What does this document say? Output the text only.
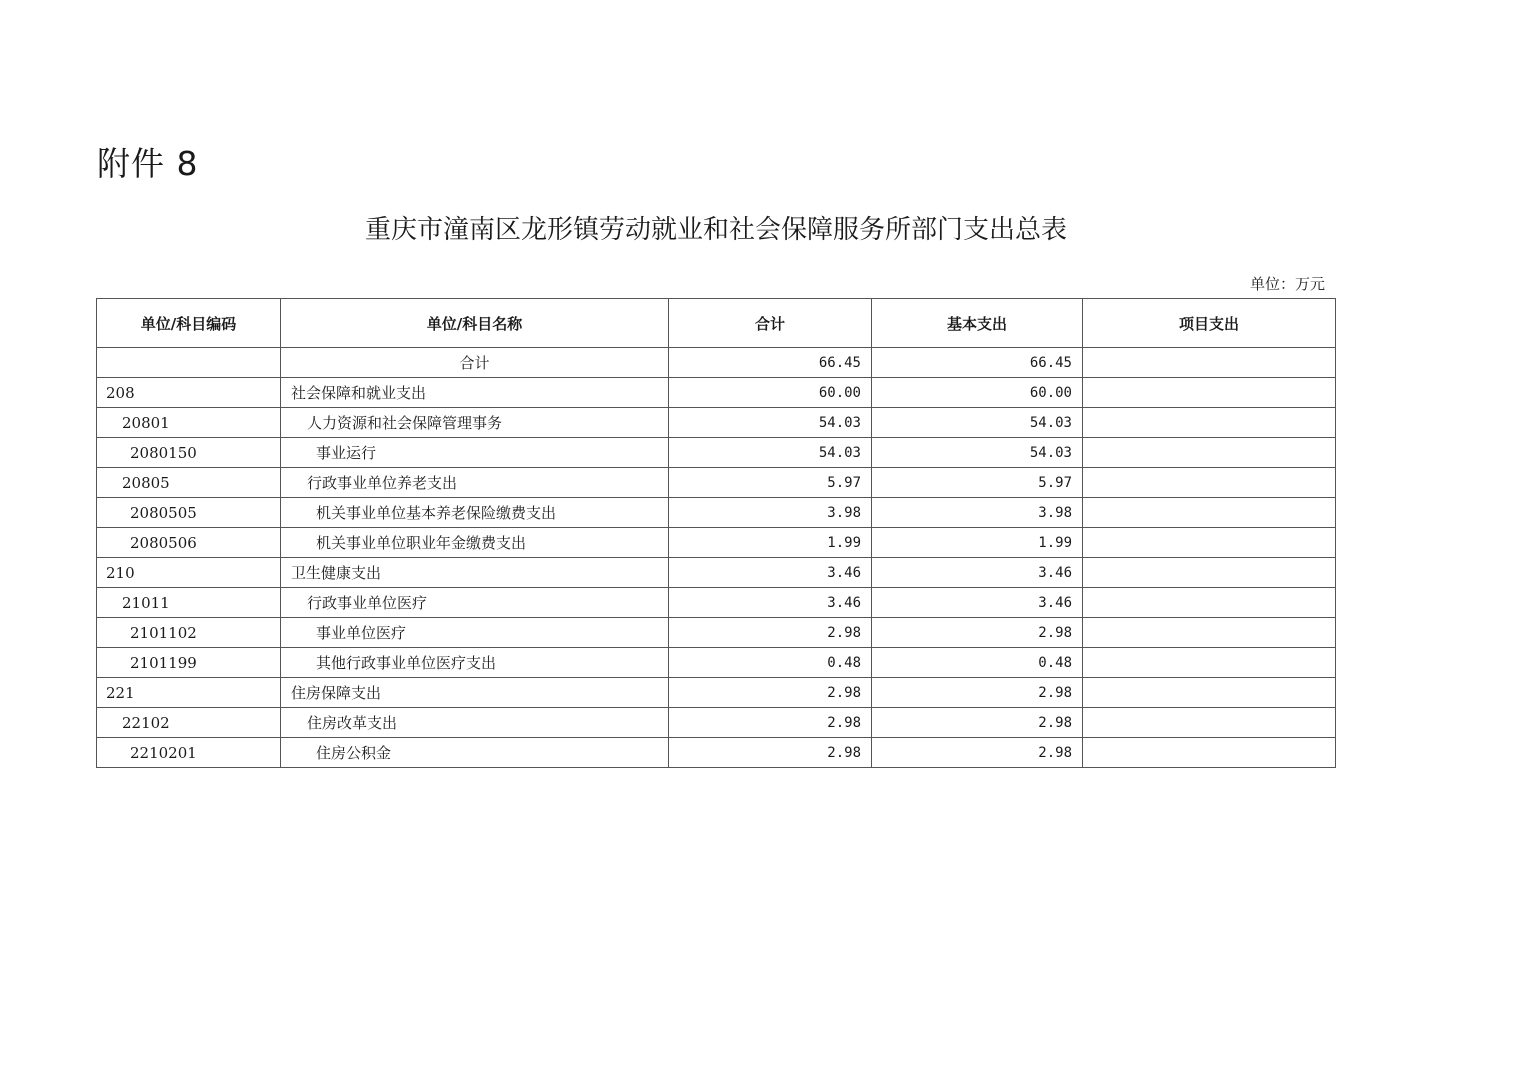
附件 8
重庆市潼南区龙形镇劳动就业和社会保障服务所部门支出总表
单位：万元
单位/科目编码	单位/科目名称	合计	基本支出	项目支出
	合计	66.45	66.45	
208	社会保障和就业支出	60.00	60.00	
20801	人力资源和社会保障管理事务	54.03	54.03	
2080150	事业运行	54.03	54.03	
20805	行政事业单位养老支出	5.97	5.97	
2080505	机关事业单位基本养老保险缴费支出	3.98	3.98	
2080506	机关事业单位职业年金缴费支出	1.99	1.99	
210	卫生健康支出	3.46	3.46	
21011	行政事业单位医疗	3.46	3.46	
2101102	事业单位医疗	2.98	2.98	
2101199	其他行政事业单位医疗支出	0.48	0.48	
221	住房保障支出	2.98	2.98	
22102	住房改革支出	2.98	2.98	
2210201	住房公积金	2.98	2.98	
